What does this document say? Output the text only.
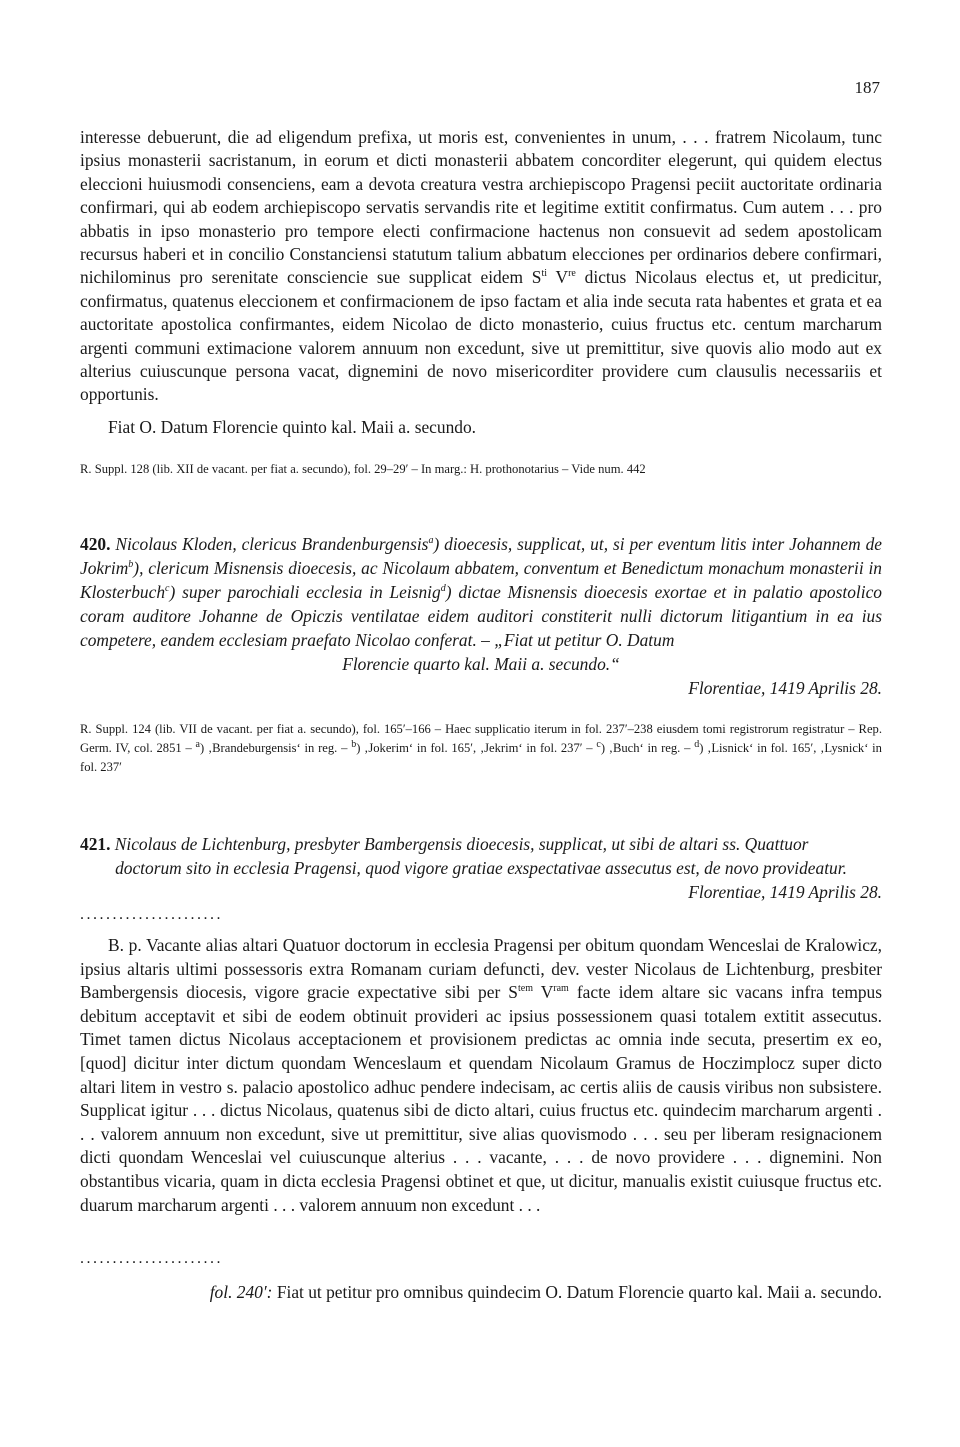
187

interesse debuerunt, die ad eligendum prefixa, ut moris est, convenientes in unum, . . . fratrem Nicolaum, tunc ipsius monasterii sacristanum, in eorum et dicti monasterii abbatem concorditer elegerunt, qui quidem electus eleccioni huiusmodi consenciens, eam a devota creatura vestra archiepiscopo Pragensi peciit auctoritate ordinaria confirmari, qui ab eodem archiepiscopo servatis servandis rite et legitime extitit confirmatus. Cum autem . . . pro abbatis in ipso monasterio pro tempore electi confirmacione hactenus non consuevit ad sedem apostolicam recursus haberi et in concilio Constanciensi statutum talium abbatum elecciones per ordinarios debere confirmari, nichilominus pro serenitate consciencie sue supplicat eidem $S^{ti}$ Vre dictus Nicolaus electus et, ut predicitur, confirmatus, quatenus eleccionem et confirmacionem de ipso factam et alia inde secuta rata habentes et grata et ea auctoritate apostolica confirmantes, eidem Nicolao de dicto monasterio, cuius fructus etc. centum marcharum argenti communi extimacione valorem annuum non excedunt, sive ut premittitur, sive quovis alio modo aut ex alterius cuiuscunque persona vacat, dignemini de novo misericorditer providere cum clausulis necessariis et opportunis.

Fiat O. Datum Florencie quinto kal. Maii a. secundo.

R. Suppl. 128 (lib. XII de vacant. per fiat a. secundo), fol. 29–29′ – In marg.: H. prothonotarius – Vide num. 442

420. Nicolaus Kloden, clericus Brandenburgensis$^a$) dioecesis, supplicat, ut, si per eventum litis inter Johannem de Jokrim$^b$), clericum Misnensis dioecesis, ac Nicolaum abbatem, conventum et Benedictum monachum monasterii in Klosterbuch$^c$) super parochiali ecclesia in Leisnig$^d$) dictae Misnensis dioecesis exortae et in palatio apostolico coram auditore Johanne de Opiczis ventilatae eidem auditori constiterit nulli dictorum litigantium in ea ius competere, eandem ecclesiam praefato Nicolao conferat. – „Fiat ut petitur O. Datum

Florencie quarto kal. Maii a. secundo.“

Florentiae, 1419 Aprilis 28.

R. Suppl. 124 (lib. VII de vacant. per fiat a. secundo), fol. 165′–166 – Haec supplicatio iterum in fol. 237′–238 eiusdem tomi registrorum registratur – Rep. Germ. IV, col. 2851 – $^a$) ‚Brandeburgensis‘ in reg. – $^b$) ‚Jokerim‘ in fol. 165′, ‚Jekrim‘ in fol. 237′ – $^c$) ‚Buch‘ in reg. – $^d$) ‚Lisnick‘ in fol. 165′, ‚Lysnick‘ in fol. 237′

421. Nicolaus de Lichtenburg, presbyter Bambergensis dioecesis, supplicat, ut sibi de altari ss. Quattuor

doctorum sito in ecclesia Pragensi, quod vigore gratiae exspectativae assecutus est, de novo provideatur.

Florentiae, 1419 Aprilis 28.

......................

B. p. Vacante alias altari Quatuor doctorum in ecclesia Pragensi per obitum quondam Wenceslai de Kralowicz, ipsius altaris ultimi possessoris extra Romanam curiam defuncti, dev. vester Nicolaus de Lichtenburg, presbiter Bambergensis diocesis, vigore gracie expectative sibi per $S^{tem}$ $V^{ram}$ facte idem altare sic vacans infra tempus debitum acceptavit et sibi de eodem obtinuit provideri ac ipsius possessionem quasi totalem extitit assecutus. Timet tamen dictus Nicolaus acceptacionem et provisionem predictas ac omnia inde secuta, presertim ex eo, [quod] dicitur inter dictum quondam Wenceslaum et quendam Nicolaum Gramus de Hoczimplocz super dicto altari litem in vestro s. palacio apostolico adhuc pendere indecisam, ac certis aliis de causis viribus non subsistere. Supplicat igitur . . . dictus Nicolaus, quatenus sibi de dicto altari, cuius fructus etc. quindecim marcharum argenti . . . valorem annuum non excedunt, sive ut premittitur, sive alias quovismodo . . . seu per liberam resignacionem dicti quondam Wenceslai vel cuiuscunque alterius . . . vacante, . . . de novo providere . . . dignemini. Non obstantibus vicaria, quam in dicta ecclesia Pragensi obtinet et que, ut dicitur, manualis existit cuiusque fructus etc. duarum marcharum argenti . . . valorem annuum non excedunt . . .

......................

fol. 240′: Fiat ut petitur pro omnibus quindecim O. Datum Florencie quarto kal. Maii a. secundo.
